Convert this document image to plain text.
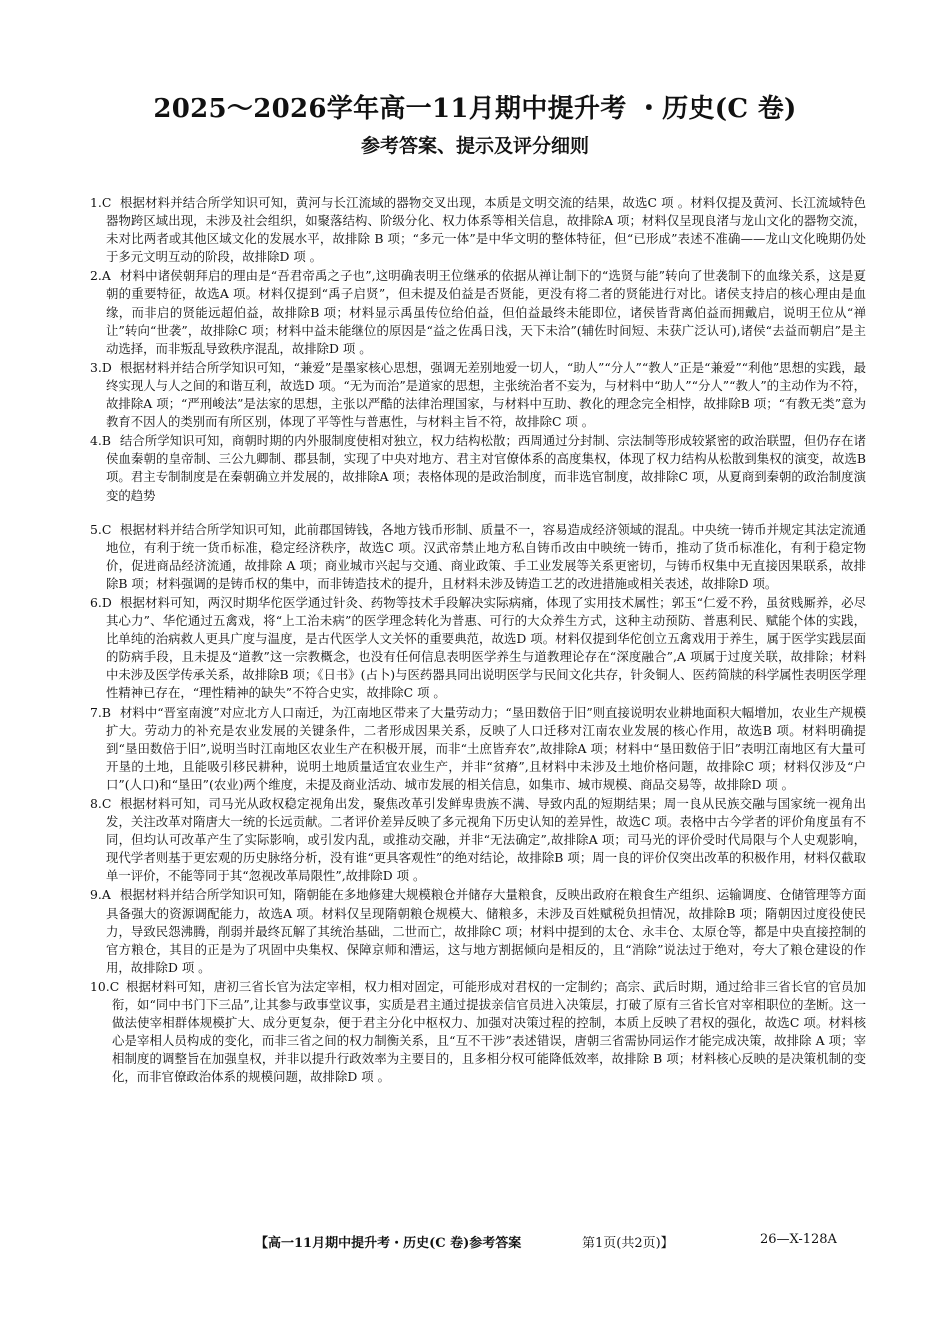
2025～2026学年高一11月期中提升考 ・历史(C 卷)
参考答案、提示及评分细则
1.C 根据材料并结合所学知识可知，黄河与长江流域的器物交叉出现，本质是文明交流的结果，故选C 项 。材料仅提及黄河、长江流域特色器物跨区域出现，未涉及社会组织，如聚落结构、阶级分化、权力体系等相关信息，故排除A 项；材料仅呈现良渚与龙山文化的器物交流，未对比两者或其他区域文化的发展水平，故排除 B 项；“多元一体”是中华文明的整体特征，但“已形成”表述不准确——龙山文化晚期仍处于多元文明互动的阶段，故排除D 项 。
2.A 材料中诸侯朝拜启的理由是“吾君帝禹之子也”,这明确表明王位继承的依据从禅让制下的“选贤与能”转向了世袭制下的血缘关系，这是夏朝的重要特征，故选A 项。材料仅提到“禹子启贤”，但未提及伯益是否贤能，更没有将二者的贤能进行对比。诸侯支持启的核心理由是血缘，而非启的贤能远超伯益，故排除B 项；材料显示禹虽传位给伯益，但伯益最终未能即位，诸侯皆背离伯益而拥戴启，说明王位从“禅让”转向“世袭”，故排除C 项；材料中益未能继位的原因是“益之佐禹日浅，天下未洽”(辅佐时间短、未获广泛认可),诸侯“去益而朝启”是主动选择，而非叛乱导致秩序混乱，故排除D 项 。
3.D 根据材料并结合所学知识可知，“兼爱”是墨家核心思想，强调无差别地爱一切人，“助人”“分人”“教人”正是“兼爱”“利他”思想的实践，最终实现人与人之间的和谐互利，故选D 项。“无为而治”是道家的思想，主张统治者不妄为，与材料中“助人”“分人”“教人”的主动作为不符，故排除A 项；“严刑峻法”是法家的思想，主张以严酷的法律治理国家，与材料中互助、教化的理念完全相悖，故排除B 项；“有教无类”意为教育不因人的类别而有所区别，体现了平等性与普惠性，与材料主旨不符，故排除C 项 。
4.B 结合所学知识可知，商朝时期的内外服制度使相对独立，权力结构松散；西周通过分封制、宗法制等形成较紧密的政治联盟，但仍存在诸侯血秦朝的皇帝制、三公九卿制、郡县制，实现了中央对地方、君主对官僚体系的高度集权，体现了权力结构从松散到集权的演变，故选B 项。君主专制制度是在秦朝确立并发展的，故排除A 项；表格体现的是政治制度，而非选官制度，故排除C 项，从夏商到秦朝的政治制度演变的趋势
5.C 根据材料并结合所学知识可知，此前郡国铸钱，各地方钱币形制、质量不一，容易造成经济领域的混乱。中央统一铸币并规定其法定流通地位，有利于统一货币标准，稳定经济秩序，故选C 项。汉武帝禁止地方私自铸币改由中映统一铸币，推动了货币标准化，有利于稳定物价，促进商品经济流通，故排除 A 项；商业城市兴起与交通、商业政策、手工业发展等关系更密切，与铸币权集中无直接因果联系，故排除B 项；材料强调的是铸币权的集中，而非铸造技术的提升，且材料未涉及铸造工艺的改进措施或相关表述，故排除D 项。
6.D 根据材料可知，两汉时期华佗医学通过针灸、药物等技术手段解决实际病痛，体现了实用技术属性；郭玉“仁爱不矜，虽贫贱厮养，必尽其心力”、华佗通过五禽戏，将“上工治未病”的医学理念转化为普惠、可行的大众养生方式，这种主动预防、普惠利民、赋能个体的实践，比单纯的治病救人更具广度与温度，是古代医学人文关怀的重要典范，故选D 项。材料仅提到华佗创立五禽戏用于养生，属于医学实践层面的防病手段，且未提及“道教”这一宗教概念，也没有任何信息表明医学养生与道教理论存在“深度融合”,A 项属于过度关联，故排除；材料中未涉及医学传承关系，故排除B 项；《日书》(占卜)与医药器具同出说明医学与民间文化共存，针灸铜人、医药简牍的科学属性表明医学理性精神已存在，“理性精神的缺失”不符合史实，故排除C 项 。
7.B 材料中“晋室南渡”对应北方人口南迁，为江南地区带来了大量劳动力；“垦田数倍于旧”则直接说明农业耕地面积大幅增加，农业生产规模扩大。劳动力的补充是农业发展的关键条件，二者形成因果关系，反映了人口迁移对江南农业发展的核心作用，故选B 项。材料明确提到“垦田数倍于旧”,说明当时江南地区农业生产在积极开展，而非“土庶皆弃农”,故排除A 项；材料中“垦田数倍于旧”表明江南地区有大量可开垦的土地，且能吸引移民耕种，说明土地质量适宜农业生产，并非“贫瘠”,且材料中未涉及土地价格问题，故排除C 项；材料仅涉及“户口”(人口)和“垦田”(农业)两个维度，未提及商业活动、城市发展的相关信息，如集市、城市规模、商品交易等，故排除D 项 。
8.C 根据材料可知，司马光从政权稳定视角出发，聚焦改革引发鲜卑贵族不满、导致内乱的短期结果；周一良从民族交融与国家统一视角出发，关注改革对隋唐大一统的长远贡献。二者评价差异反映了多元视角下历史认知的差异性，故选C 项。表格中古今学者的评价角度虽有不同，但均认可改革产生了实际影响，或引发内乱，或推动交融，并非“无法确定”,故排除A 项；司马光的评价受时代局限与个人史观影响，现代学者则基于更宏观的历史脉络分析，没有谁“更具客观性”的绝对结论，故排除B 项；周一良的评价仅突出改革的积极作用，材料仅截取单一评价，不能等同于其“忽视改革局限性”,故排除D 项 。
9.A 根据材料并结合所学知识可知，隋朝能在多地修建大规模粮仓并储存大量粮食，反映出政府在粮食生产组织、运输调度、仓储管理等方面具备强大的资源调配能力，故选A 项。材料仅呈现隋朝粮仓规模大、储粮多，未涉及百姓赋税负担情况，故排除B 项；隋朝因过度役使民力，导致民怨沸腾，削弱并最终瓦解了其统治基础，二世而亡，故排除C 项；材料中提到的太仓、永丰仓、太原仓等，都是中央直接控制的官方粮仓，其目的正是为了巩固中央集权、保障京师和漕运，这与地方割据倾向是相反的，且“消除”说法过于绝对，夸大了粮仓建设的作用，故排除D 项 。
10.C 根据材料可知，唐初三省长官为法定宰相，权力相对固定，可能形成对君权的一定制约；高宗、武后时期，通过给非三省长官的官员加衔，如“同中书门下三品”,让其参与政事堂议事，实质是君主通过提拔亲信官员进入决策层，打破了原有三省长官对宰相职位的垄断。这一做法使宰相群体规模扩大、成分更复杂，便于君主分化中枢权力、加强对决策过程的控制，本质上反映了君权的强化，故选C 项。材料核心是宰相人员构成的变化，而非三省之间的权力制衡关系，且“互不干涉”表述错误，唐朝三省需协同运作才能完成决策，故排除 A 项；宰相制度的调整旨在加强皇权，并非以提升行政效率为主要目的，且多相分权可能降低效率，故排除 B 项；材料核心反映的是决策机制的变化，而非官僚政治体系的规模问题，故排除D 项 。
【高一11月期中提升考・历史(C 卷)参考答案	第1页(共2页)】	26—X-128A
